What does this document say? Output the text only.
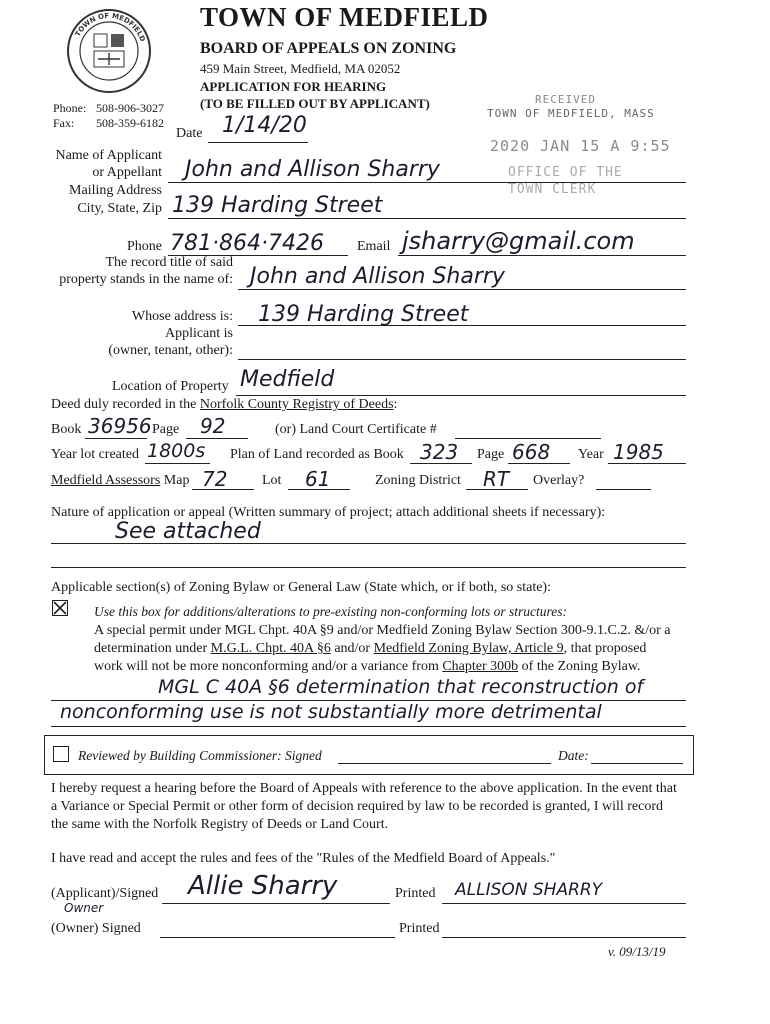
TOWN OF MEDFIELD
TOWN OF MEDFIELD
BOARD OF APPEALS ON ZONING
459 Main Street, Medfield, MA 02052
APPLICATION FOR HEARING
(TO BE FILLED OUT BY APPLICANT)
Phone: 508-906-3027
Fax: 508-359-6182
RECEIVED
TOWN OF MEDFIELD, MASS
2020 JAN 15 A 9:55
OFFICE OF THE
TOWN CLERK
Date 1/14/20
Name of Applicant
or Appellant John and Allison Sharry
Mailing Address
City, State, Zip 139 Harding Street
Phone 781·864·7426 Email jsharry@gmail.com
The record title of said
property stands in the name of: John and Allison Sharry
Whose address is: 139 Harding Street
Applicant is
(owner, tenant, other):
Location of Property Medfield
Deed duly recorded in the Norfolk County Registry of Deeds:
Book 36956 Page 92	(or) Land Court Certificate #
Year lot created 1800s Plan of Land recorded as Book 323 Page 668 Year 1985
Medfield Assessors Map 72 Lot 61	Zoning District RT Overlay?
Nature of application or appeal (Written summary of project; attach additional sheets if necessary):
See attached
Applicable section(s) of Zoning Bylaw or General Law (State which, or if both, so state):
Use this box for additions/alterations to pre-existing non-conforming lots or structures:
A special permit under MGL Chpt. 40A §9 and/or Medfield Zoning Bylaw Section 300-9.1.C.2. &/or a
determination under M.G.L. Chpt. 40A §6 and/or Medfield Zoning Bylaw, Article 9, that proposed
work will not be more nonconforming and/or a variance from Chapter 300b of the Zoning Bylaw.
MGL C 40A §6 determination that reconstruction of
nonconforming use is not substantially more detrimental
Reviewed by Building Commissioner: Signed	Date:
I hereby request a hearing before the Board of Appeals with reference to the above application. In the event that
a Variance or Special Permit or other form of decision required by law to be recorded is granted, I will record
the same with the Norfolk Registry of Deeds or Land Court.
I have read and accept the rules and fees of the "Rules of the Medfield Board of Appeals."
(Applicant)/Signed Allie Sharry	Printed ALLISON SHARRY
Owner
(Owner) Signed	Printed
v. 09/13/19
